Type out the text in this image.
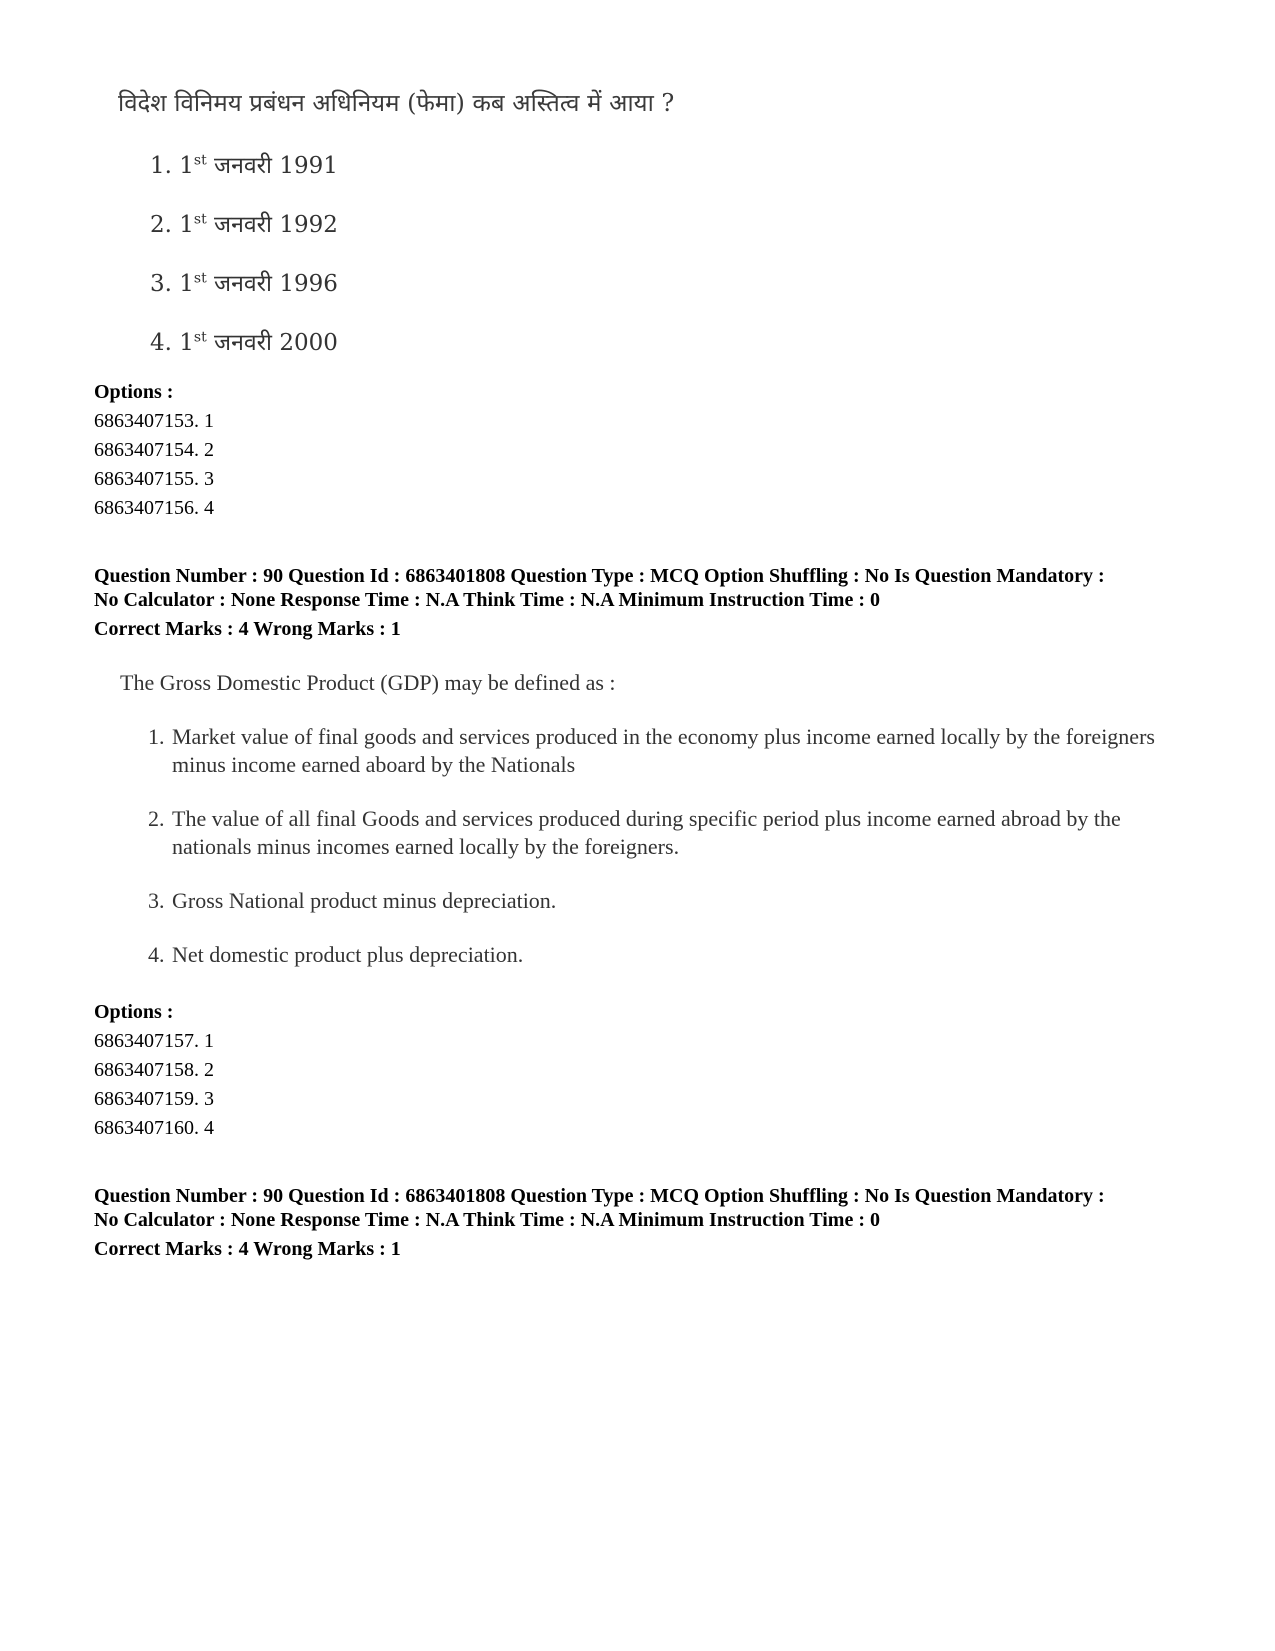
विदेश विनिमय प्रबंधन अधिनियम (फेमा) कब अस्तित्व में आया ?
1. 1st जनवरी 1991
2. 1st जनवरी 1992
3. 1st जनवरी 1996
4. 1st जनवरी 2000
Options :
6863407153. 1
6863407154. 2
6863407155. 3
6863407156. 4
Question Number : 90 Question Id : 6863401808 Question Type : MCQ Option Shuffling : No Is Question Mandatory :
No Calculator : None Response Time : N.A Think Time : N.A Minimum Instruction Time : 0
Correct Marks : 4 Wrong Marks : 1
The Gross Domestic Product (GDP) may be defined as :
1. Market value of final goods and services produced in the economy plus income earned locally by the foreigners minus income earned aboard by the Nationals
2. The value of all final Goods and services produced during specific period plus income earned abroad by the nationals minus incomes earned locally by the foreigners.
3. Gross National product minus depreciation.
4. Net domestic product plus depreciation.
Options :
6863407157. 1
6863407158. 2
6863407159. 3
6863407160. 4
Question Number : 90 Question Id : 6863401808 Question Type : MCQ Option Shuffling : No Is Question Mandatory :
No Calculator : None Response Time : N.A Think Time : N.A Minimum Instruction Time : 0
Correct Marks : 4 Wrong Marks : 1
